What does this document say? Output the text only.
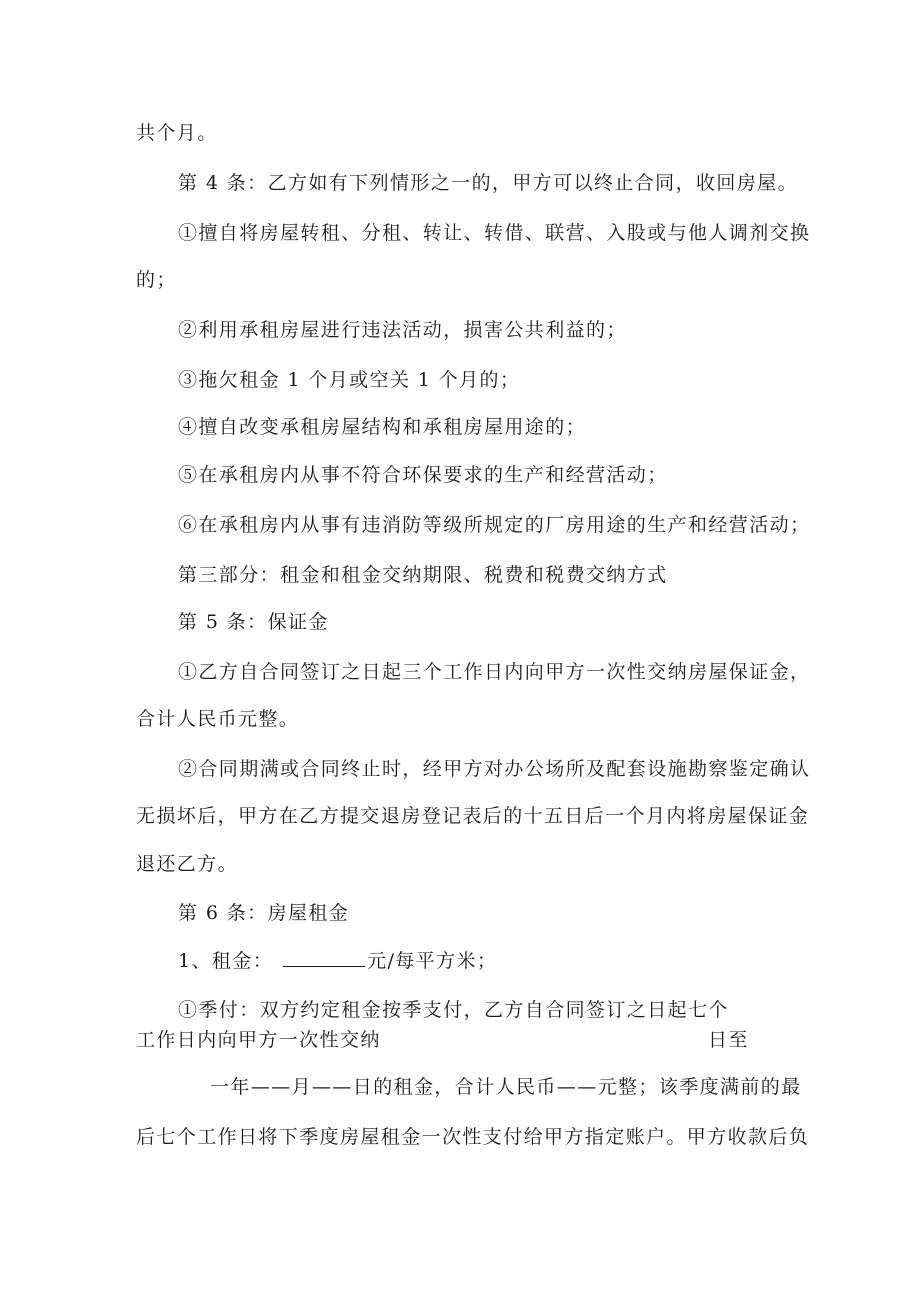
共个月。

第 4 条：乙方如有下列情形之一的，甲方可以终止合同，收回房屋。

①擅自将房屋转租、分租、转让、转借、联营、入股或与他人调剂交换

的；

②利用承租房屋进行违法活动，损害公共利益的；

③拖欠租金 1 个月或空关 1 个月的；

④擅自改变承租房屋结构和承租房屋用途的；

⑤在承租房内从事不符合环保要求的生产和经营活动；

⑥在承租房内从事有违消防等级所规定的厂房用途的生产和经营活动；

第三部分：租金和租金交纳期限、税费和税费交纳方式

第 5 条：保证金

①乙方自合同签订之日起三个工作日内向甲方一次性交纳房屋保证金，

合计人民币元整。

②合同期满或合同终止时，经甲方对办公场所及配套设施勘察鉴定确认

无损坏后，甲方在乙方提交退房登记表后的十五日后一个月内将房屋保证金

退还乙方。

第 6 条：房屋租金

1、租金：	元/每平方米；

①季付：双方约定租金按季支付，乙方自合同签订之日起七个

工作日内向甲方一次性交纳	日至

一年——月——日的租金，合计人民币——元整；该季度满前的最

后七个工作日将下季度房屋租金一次性支付给甲方指定账户。甲方收款后负
